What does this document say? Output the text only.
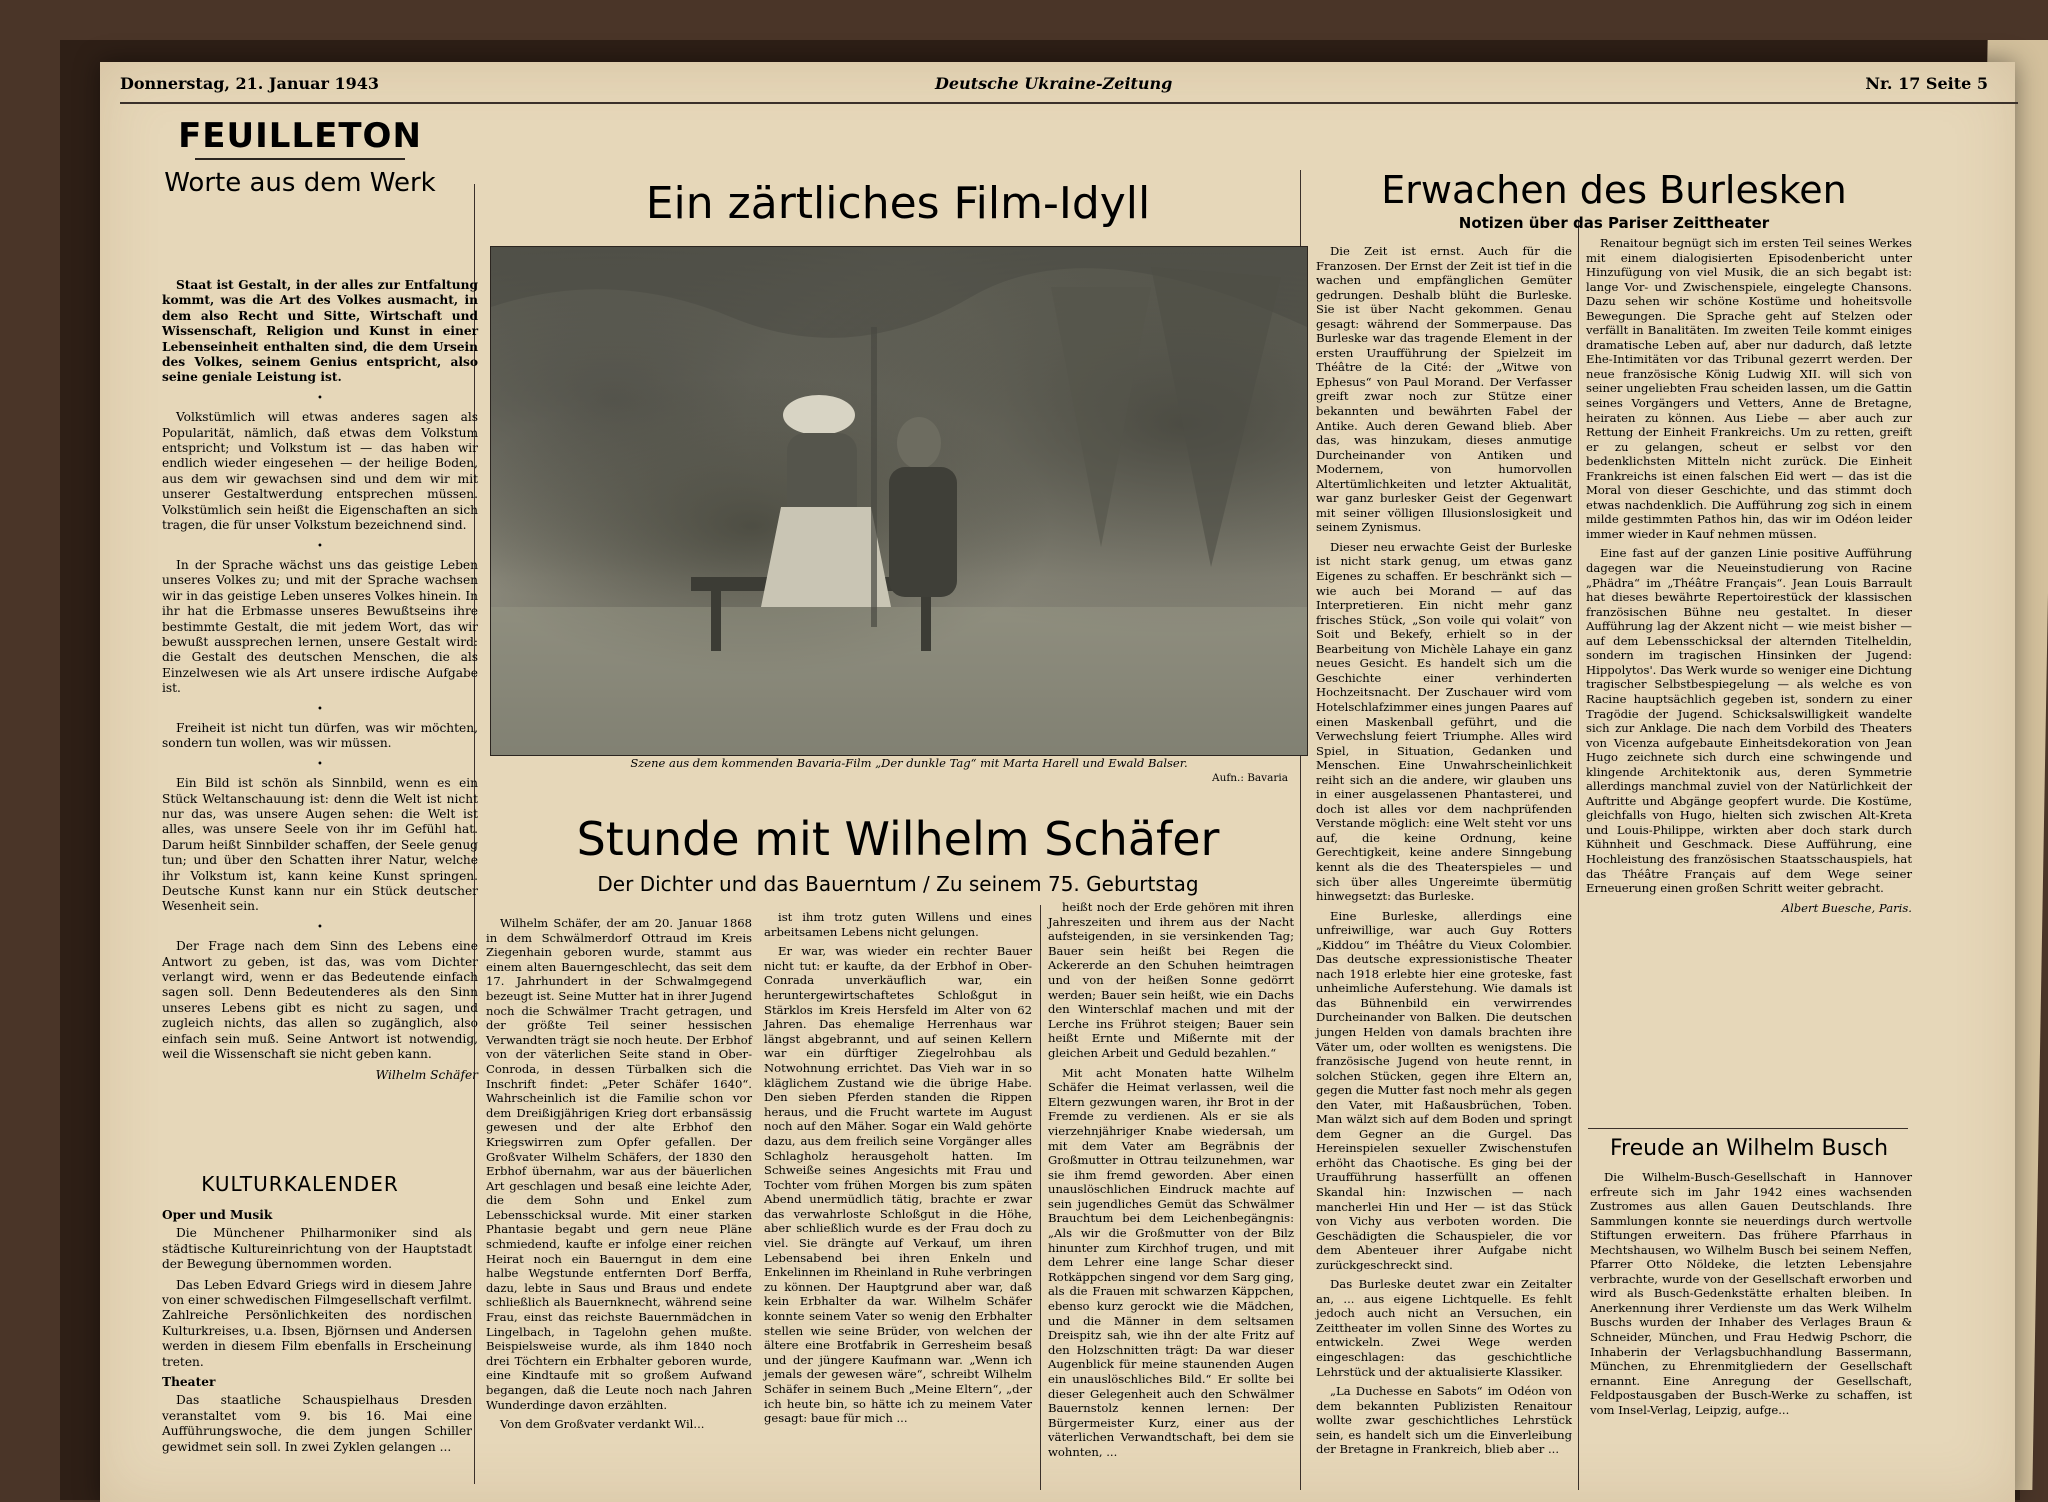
Donnerstag, 21. Januar 1943	Deutsche Ukraine-Zeitung	Nr. 17 Seite 5
FEUILLETON
Worte aus dem Werk

Staat ist Gestalt, in der alles zur Entfaltung kommt, was die Art des Volkes ausmacht, in dem also Recht und Sitte, Wirtschaft und Wissenschaft, Religion und Kunst in einer Lebenseinheit enthalten sind, die dem Ursein des Volkes, seinem Genius entspricht, also seine geniale Leistung ist.

•

Volkstümlich will etwas anderes sagen als Popularität, nämlich, daß etwas dem Volkstum entspricht; und Volkstum ist — das haben wir endlich wieder eingesehen — der heilige Boden, aus dem wir gewachsen sind und dem wir mit unserer Gestaltwerdung entsprechen müssen. Volkstümlich sein heißt die Eigenschaften an sich tragen, die für unser Volkstum bezeichnend sind.

•

In der Sprache wächst uns das geistige Leben unseres Volkes zu; und mit der Sprache wachsen wir in das geistige Leben unseres Volkes hinein. In ihr hat die Erbmasse unseres Bewußtseins ihre bestimmte Gestalt, die mit jedem Wort, das wir bewußt aussprechen lernen, unsere Gestalt wird: die Gestalt des deutschen Menschen, die als Einzelwesen wie als Art unsere irdische Aufgabe ist.

•

Freiheit ist nicht tun dürfen, was wir möchten, sondern tun wollen, was wir müssen.

•

Ein Bild ist schön als Sinnbild, wenn es ein Stück Weltanschauung ist: denn die Welt ist nicht nur das, was unsere Augen sehen: die Welt ist alles, was unsere Seele von ihr im Gefühl hat. Darum heißt Sinnbilder schaffen, der Seele genug tun; und über den Schatten ihrer Natur, welche ihr Volkstum ist, kann keine Kunst springen. Deutsche Kunst kann nur ein Stück deutscher Wesenheit sein.

•

Der Frage nach dem Sinn des Lebens eine Antwort zu geben, ist das, was vom Dichter verlangt wird, wenn er das Bedeutende einfach sagen soll. Denn Bedeutenderes als den Sinn unseres Lebens gibt es nicht zu sagen, und zugleich nichts, das allen so zugänglich, also einfach sein muß. Seine Antwort ist notwendig, weil die Wissenschaft sie nicht geben kann.

Wilhelm Schäfer
KULTURKALENDER

Oper und Musik

Die Münchener Philharmoniker sind als städtische Kultureinrichtung von der Hauptstadt der Bewegung übernommen worden.

Das Leben Edvard Griegs wird in diesem Jahre von einer schwedischen Filmgesellschaft verfilmt. Zahlreiche Persönlichkeiten des nordischen Kulturkreises, u.a. Ibsen, Björnsen und Andersen werden in diesem Film ebenfalls in Erscheinung treten.

Theater

Das staatliche Schauspielhaus Dresden veranstaltet vom 9. bis 16. Mai eine Aufführungswoche, die dem jungen Schiller gewidmet sein soll. In zwei Zyklen gelangen ...

Ein zärtliches Film-Idyll
Szene aus dem kommenden Bavaria-Film „Der dunkle Tag“ mit Marta Harell und Ewald Balser.
Aufn.: Bavaria
Stunde mit Wilhelm Schäfer
Der Dichter und das Bauerntum / Zu seinem 75. Geburtstag

Wilhelm Schäfer, der am 20. Januar 1868 in dem Schwälmerdorf Ottraud im Kreis Ziegenhain geboren wurde, stammt aus einem alten Bauerngeschlecht, das seit dem 17. Jahrhundert in der Schwalmgegend bezeugt ist. Seine Mutter hat in ihrer Jugend noch die Schwälmer Tracht getragen, und der größte Teil seiner hessischen Verwandten trägt sie noch heute. Der Erbhof von der väterlichen Seite stand in Ober-Conroda, in dessen Türbalken sich die Inschrift findet: „Peter Schäfer 1640“. Wahrscheinlich ist die Familie schon vor dem Dreißigjährigen Krieg dort erbansässig gewesen und der alte Erbhof den Kriegswirren zum Opfer gefallen. Der Großvater Wilhelm Schäfers, der 1830 den Erbhof übernahm, war aus der bäuerlichen Art geschlagen und besaß eine leichte Ader, die dem Sohn und Enkel zum Lebensschicksal wurde. Mit einer starken Phantasie begabt und gern neue Pläne schmiedend, kaufte er infolge einer reichen Heirat noch ein Bauerngut in dem eine halbe Wegstunde entfernten Dorf Berffa, dazu, lebte in Saus und Braus und endete schließlich als Bauernknecht, während seine Frau, einst das reichste Bauernmädchen in Lingelbach, in Tagelohn gehen mußte. Beispielsweise wurde, als ihm 1840 noch drei Töchtern ein Erbhalter geboren wurde, eine Kindtaufe mit so großem Aufwand begangen, daß die Leute noch nach Jahren Wunderdinge davon erzählten.

Von dem Großvater verdankt Wil...

ist ihm trotz guten Willens und eines arbeitsamen Lebens nicht gelungen.

Er war, was wieder ein rechter Bauer nicht tut: er kaufte, da der Erbhof in Ober-Conrada unverkäuflich war, ein heruntergewirtschaftetes Schloßgut in Stärklos im Kreis Hersfeld im Alter von 62 Jahren. Das ehemalige Herrenhaus war längst abgebrannt, und auf seinen Kellern war ein dürftiger Ziegelrohbau als Notwohnung errichtet. Das Vieh war in so kläglichem Zustand wie die übrige Habe. Den sieben Pferden standen die Rippen heraus, und die Frucht wartete im August noch auf den Mäher. Sogar ein Wald gehörte dazu, aus dem freilich seine Vorgänger alles Schlagholz herausgeholt hatten. Im Schweiße seines Angesichts mit Frau und Tochter vom frühen Morgen bis zum späten Abend unermüdlich tätig, brachte er zwar das verwahrloste Schloßgut in die Höhe, aber schließlich wurde es der Frau doch zu viel. Sie drängte auf Verkauf, um ihren Lebensabend bei ihren Enkeln und Enkelinnen im Rheinland in Ruhe verbringen zu können. Der Hauptgrund aber war, daß kein Erbhalter da war. Wilhelm Schäfer konnte seinem Vater so wenig den Erbhalter stellen wie seine Brüder, von welchen der ältere eine Brotfabrik in Gerresheim besaß und der jüngere Kaufmann war. „Wenn ich jemals der gewesen wäre“, schreibt Wilhelm Schäfer in seinem Buch „Meine Eltern“, „der ich heute bin, so hätte ich zu meinem Vater gesagt: baue für mich ...

heißt noch der Erde gehören mit ihren Jahreszeiten und ihrem aus der Nacht aufsteigenden, in sie versinkenden Tag; Bauer sein heißt bei Regen die Ackererde an den Schuhen heimtragen und von der heißen Sonne gedörrt werden; Bauer sein heißt, wie ein Dachs den Winterschlaf machen und mit der Lerche ins Frührot steigen; Bauer sein heißt Ernte und Mißernte mit der gleichen Arbeit und Geduld bezahlen.“

Mit acht Monaten hatte Wilhelm Schäfer die Heimat verlassen, weil die Eltern gezwungen waren, ihr Brot in der Fremde zu verdienen. Als er sie als vierzehnjähriger Knabe wiedersah, um mit dem Vater am Begräbnis der Großmutter in Ottrau teilzunehmen, war sie ihm fremd geworden. Aber einen unauslöschlichen Eindruck machte auf sein jugendliches Gemüt das Schwälmer Brauchtum bei dem Leichenbegängnis: „Als wir die Großmutter von der Bilz hinunter zum Kirchhof trugen, und mit dem Lehrer eine lange Schar dieser Rotkäppchen singend vor dem Sarg ging, als die Frauen mit schwarzen Käppchen, ebenso kurz gerockt wie die Mädchen, und die Männer in dem seltsamen Dreispitz sah, wie ihn der alte Fritz auf den Holzschnitten trägt: Da war dieser Augenblick für meine staunenden Augen ein unauslöschliches Bild.“ Er sollte bei dieser Gelegenheit auch den Schwälmer Bauernstolz kennen lernen: Der Bürgermeister Kurz, einer aus der väterlichen Verwandtschaft, bei dem sie wohnten, ...

Erwachen des Burlesken
Notizen über das Pariser Zeittheater

Die Zeit ist ernst. Auch für die Franzosen. Der Ernst der Zeit ist tief in die wachen und empfänglichen Gemüter gedrungen. Deshalb blüht die Burleske. Sie ist über Nacht gekommen. Genau gesagt: während der Sommerpause. Das Burleske war das tragende Element in der ersten Uraufführung der Spielzeit im Théâtre de la Cité: der „Witwe von Ephesus“ von Paul Morand. Der Verfasser greift zwar noch zur Stütze einer bekannten und bewährten Fabel der Antike. Auch deren Gewand blieb. Aber das, was hinzukam, dieses anmutige Durcheinander von Antiken und Modernem, von humorvollen Altertümlichkeiten und letzter Aktualität, war ganz burlesker Geist der Gegenwart mit seiner völligen Illusionslosigkeit und seinem Zynismus.

Dieser neu erwachte Geist der Burleske ist nicht stark genug, um etwas ganz Eigenes zu schaffen. Er beschränkt sich — wie auch bei Morand — auf das Interpretieren. Ein nicht mehr ganz frisches Stück, „Son voile qui volait“ von Soit und Bekefy, erhielt so in der Bearbeitung von Michèle Lahaye ein ganz neues Gesicht. Es handelt sich um die Geschichte einer verhinderten Hochzeitsnacht. Der Zuschauer wird vom Hotelschlafzimmer eines jungen Paares auf einen Maskenball geführt, und die Verwechslung feiert Triumphe. Alles wird Spiel, in Situation, Gedanken und Menschen. Eine Unwahrscheinlichkeit reiht sich an die andere, wir glauben uns in einer ausgelassenen Phantasterei, und doch ist alles vor dem nachprüfenden Verstande möglich: eine Welt steht vor uns auf, die keine Ordnung, keine Gerechtigkeit, keine andere Sinngebung kennt als die des Theaterspieles — und sich über alles Ungereimte übermütig hinwegsetzt: das Burleske.

Eine Burleske, allerdings eine unfreiwillige, war auch Guy Rotters „Kiddou“ im Théâtre du Vieux Colombier. Das deutsche expressionistische Theater nach 1918 erlebte hier eine groteske, fast unheimliche Auferstehung. Wie damals ist das Bühnenbild ein verwirrendes Durcheinander von Balken. Die deutschen jungen Helden von damals brachten ihre Väter um, oder wollten es wenigstens. Die französische Jugend von heute rennt, in solchen Stücken, gegen ihre Eltern an, gegen die Mutter fast noch mehr als gegen den Vater, mit Haßausbrüchen, Toben. Man wälzt sich auf dem Boden und springt dem Gegner an die Gurgel. Das Hereinspielen sexueller Zwischenstufen erhöht das Chaotische. Es ging bei der Uraufführung hasserfüllt an offenen Skandal hin: Inzwischen — nach mancherlei Hin und Her — ist das Stück von Vichy aus verboten worden. Die Geschädigten die Schauspieler, die vor dem Abenteuer ihrer Aufgabe nicht zurückgeschreckt sind.

Das Burleske deutet zwar ein Zeitalter an, ... aus eigene Lichtquelle. Es fehlt jedoch auch nicht an Versuchen, ein Zeittheater im vollen Sinne des Wortes zu entwickeln. Zwei Wege werden eingeschlagen: das geschichtliche Lehrstück und der aktualisierte Klassiker.

„La Duchesse en Sabots“ im Odéon von dem bekannten Publizisten Renaitour wollte zwar geschichtliches Lehrstück sein, es handelt sich um die Einverleibung der Bretagne in Frankreich, blieb aber ...

Renaitour begnügt sich im ersten Teil seines Werkes mit einem dialogisierten Episodenbericht unter Hinzufügung von viel Musik, die an sich begabt ist: lange Vor- und Zwischenspiele, eingelegte Chansons. Dazu sehen wir schöne Kostüme und hoheitsvolle Bewegungen. Die Sprache geht auf Stelzen oder verfällt in Banalitäten. Im zweiten Teile kommt einiges dramatische Leben auf, aber nur dadurch, daß letzte Ehe-Intimitäten vor das Tribunal gezerrt werden. Der neue französische König Ludwig XII. will sich von seiner ungeliebten Frau scheiden lassen, um die Gattin seines Vorgängers und Vetters, Anne de Bretagne, heiraten zu können. Aus Liebe — aber auch zur Rettung der Einheit Frankreichs. Um zu retten, greift er zu gelangen, scheut er selbst vor den bedenklichsten Mitteln nicht zurück. Die Einheit Frankreichs ist einen falschen Eid wert — das ist die Moral von dieser Geschichte, und das stimmt doch etwas nachdenklich. Die Aufführung zog sich in einem milde gestimmten Pathos hin, das wir im Odéon leider immer wieder in Kauf nehmen müssen.

Eine fast auf der ganzen Linie positive Aufführung dagegen war die Neueinstudierung von Racine „Phädra“ im „Théâtre Français“. Jean Louis Barrault hat dieses bewährte Repertoirestück der klassischen französischen Bühne neu gestaltet. In dieser Aufführung lag der Akzent nicht — wie meist bisher — auf dem Lebensschicksal der alternden Titelheldin, sondern im tragischen Hinsinken der Jugend: Hippolytos'. Das Werk wurde so weniger eine Dichtung tragischer Selbstbespiegelung — als welche es von Racine hauptsächlich gegeben ist, sondern zu einer Tragödie der Jugend. Schicksalswilligkeit wandelte sich zur Anklage. Die nach dem Vorbild des Theaters von Vicenza aufgebaute Einheitsdekoration von Jean Hugo zeichnete sich durch eine schwingende und klingende Architektonik aus, deren Symmetrie allerdings manchmal zuviel von der Natürlichkeit der Auftritte und Abgänge geopfert wurde. Die Kostüme, gleichfalls von Hugo, hielten sich zwischen Alt-Kreta und Louis-Philippe, wirkten aber doch stark durch Kühnheit und Geschmack. Diese Aufführung, eine Hochleistung des französischen Staatsschauspiels, hat das Théâtre Français auf dem Wege seiner Erneuerung einen großen Schritt weiter gebracht.

Albert Buesche, Paris.
Freude an Wilhelm Busch

Die Wilhelm-Busch-Gesellschaft in Hannover erfreute sich im Jahr 1942 eines wachsenden Zustromes aus allen Gauen Deutschlands. Ihre Sammlungen konnte sie neuerdings durch wertvolle Stiftungen erweitern. Das frühere Pfarrhaus in Mechtshausen, wo Wilhelm Busch bei seinem Neffen, Pfarrer Otto Nöldeke, die letzten Lebensjahre verbrachte, wurde von der Gesellschaft erworben und wird als Busch-Gedenkstätte erhalten bleiben. In Anerkennung ihrer Verdienste um das Werk Wilhelm Buschs wurden der Inhaber des Verlages Braun & Schneider, München, und Frau Hedwig Pschorr, die Inhaberin der Verlagsbuchhandlung Bassermann, München, zu Ehrenmitgliedern der Gesellschaft ernannt. Eine Anregung der Gesellschaft, Feldpostausgaben der Busch-Werke zu schaffen, ist vom Insel-Verlag, Leipzig, aufge...
